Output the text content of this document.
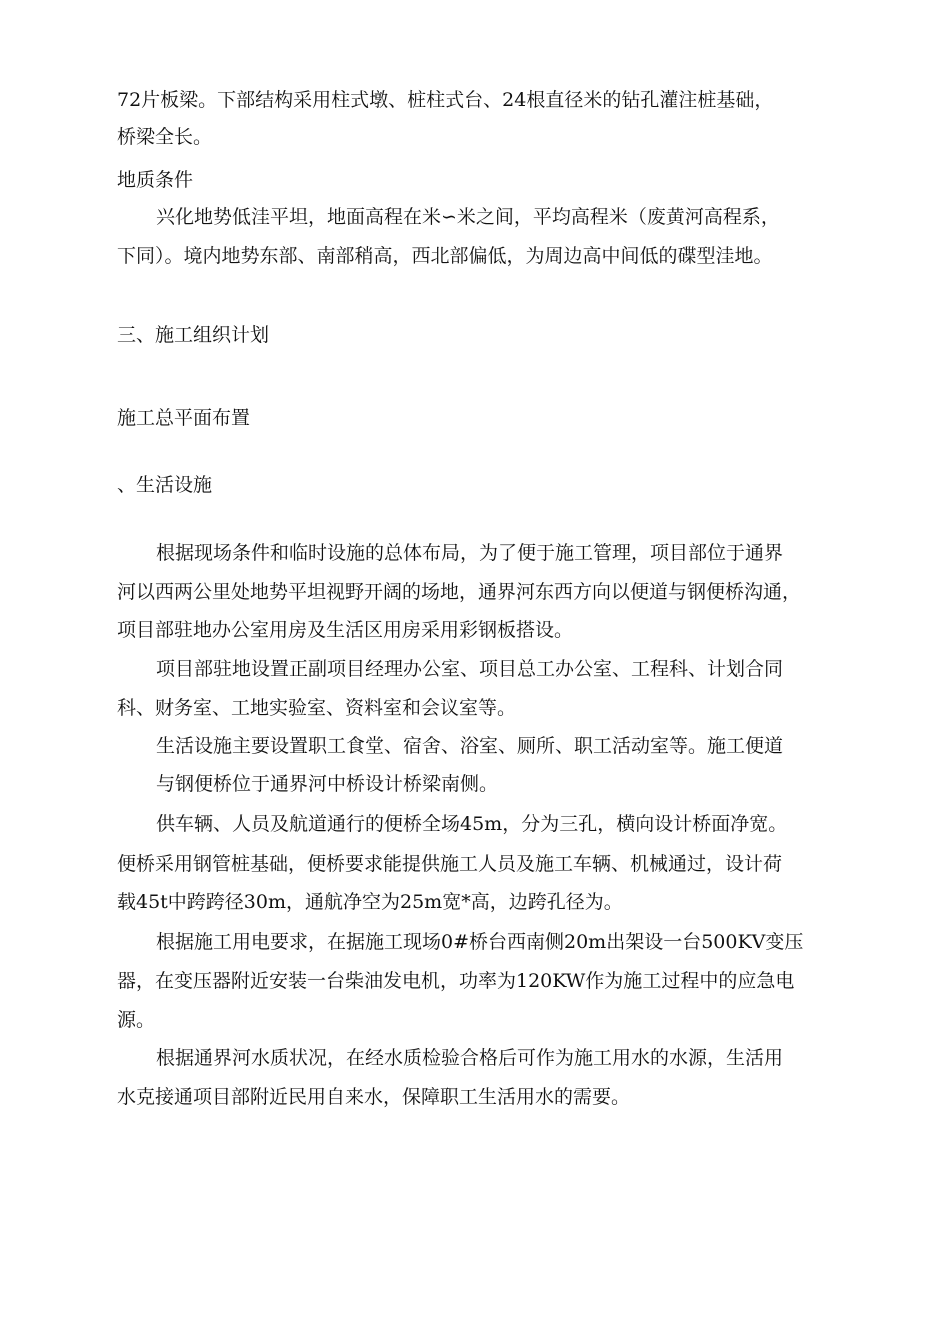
72片板梁。下部结构采用柱式墩、桩柱式台、24根直径米的钻孔灌注桩基础，
桥梁全长。
地质条件
兴化地势低洼平坦，地面高程在米∽米之间，平均高程米（废黄河高程系，
下同）。境内地势东部、南部稍高，西北部偏低，为周边高中间低的碟型洼地。
三、施工组织计划
施工总平面布置
、生活设施
根据现场条件和临时设施的总体布局，为了便于施工管理，项目部位于通界
河以西两公里处地势平坦视野开阔的场地，通界河东西方向以便道与钢便桥沟通，
项目部驻地办公室用房及生活区用房采用彩钢板搭设。
项目部驻地设置正副项目经理办公室、项目总工办公室、工程科、计划合同
科、财务室、工地实验室、资料室和会议室等。
生活设施主要设置职工食堂、宿舍、浴室、厕所、职工活动室等。施工便道
与钢便桥位于通界河中桥设计桥梁南侧。
供车辆、人员及航道通行的便桥全场45m，分为三孔，横向设计桥面净宽。
便桥采用钢管桩基础，便桥要求能提供施工人员及施工车辆、机械通过，设计荷
载45t中跨跨径30m，通航净空为25m宽*高，边跨孔径为。
根据施工用电要求，在据施工现场0#桥台西南侧20m出架设一台500KV变压
器，在变压器附近安装一台柴油发电机，功率为120KW作为施工过程中的应急电
源。
根据通界河水质状况，在经水质检验合格后可作为施工用水的水源，生活用
水克接通项目部附近民用自来水，保障职工生活用水的需要。
